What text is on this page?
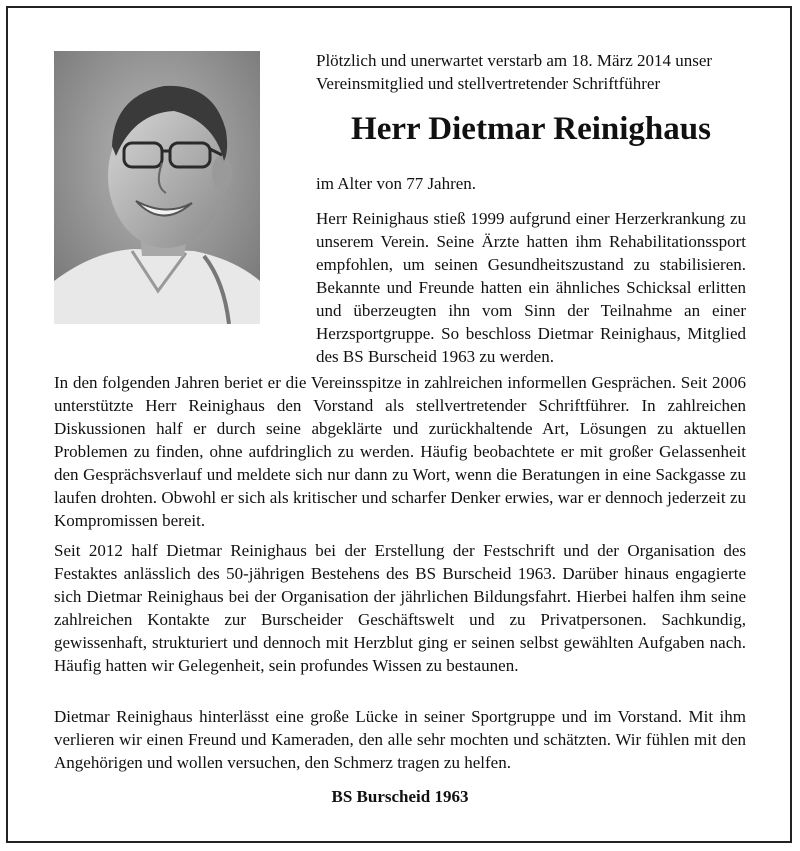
Plötzlich und unerwartet verstarb am 18. März 2014 unser Vereinsmitglied und stellvertretender Schriftführer

Herr Dietmar Reinighaus

im Alter von 77 Jahren.

Herr Reinighaus stieß 1999 aufgrund einer Herzerkrankung zu unserem Verein. Seine Ärzte hatten ihm Rehabilitationssport empfohlen, um seinen Gesundheitszustand zu stabilisieren. Bekannte und Freunde hatten ein ähnliches Schicksal erlitten und überzeugten ihn vom Sinn der Teilnahme an einer Herzsportgruppe. So beschloss Dietmar Reinighaus, Mitglied des BS Burscheid 1963 zu werden.

In den folgenden Jahren beriet er die Vereinsspitze in zahlreichen informellen Gesprächen. Seit 2006 unterstützte Herr Reinighaus den Vorstand als stellvertretender Schriftführer. In zahlreichen Diskussionen half er durch seine abgeklärte und zurückhaltende Art, Lösungen zu aktuellen Problemen zu finden, ohne aufdringlich zu werden. Häufig beobachtete er mit großer Gelassenheit den Gesprächsverlauf und meldete sich nur dann zu Wort, wenn die Beratungen in eine Sackgasse zu laufen drohten. Obwohl er sich als kritischer und scharfer Denker erwies, war er dennoch jederzeit zu Kompromissen bereit.

Seit 2012 half Dietmar Reinighaus bei der Erstellung der Festschrift und der Organisation des Festaktes anlässlich des 50-jährigen Bestehens des BS Burscheid 1963. Darüber hinaus engagierte sich Dietmar Reinighaus bei der Organisation der jährlichen Bildungsfahrt. Hierbei halfen ihm seine zahlreichen Kontakte zur Burscheider Geschäftswelt und zu Privatpersonen. Sachkundig, gewissenhaft, strukturiert und dennoch mit Herzblut ging er seinen selbst gewählten Aufgaben nach. Häufig hatten wir Gelegenheit, sein profundes Wissen zu bestaunen.

Dietmar Reinighaus hinterlässt eine große Lücke in seiner Sportgruppe und im Vorstand. Mit ihm verlieren wir einen Freund und Kameraden, den alle sehr mochten und schätzten. Wir fühlen mit den Angehörigen und wollen versuchen, den Schmerz tragen zu helfen.

BS Burscheid 1963
